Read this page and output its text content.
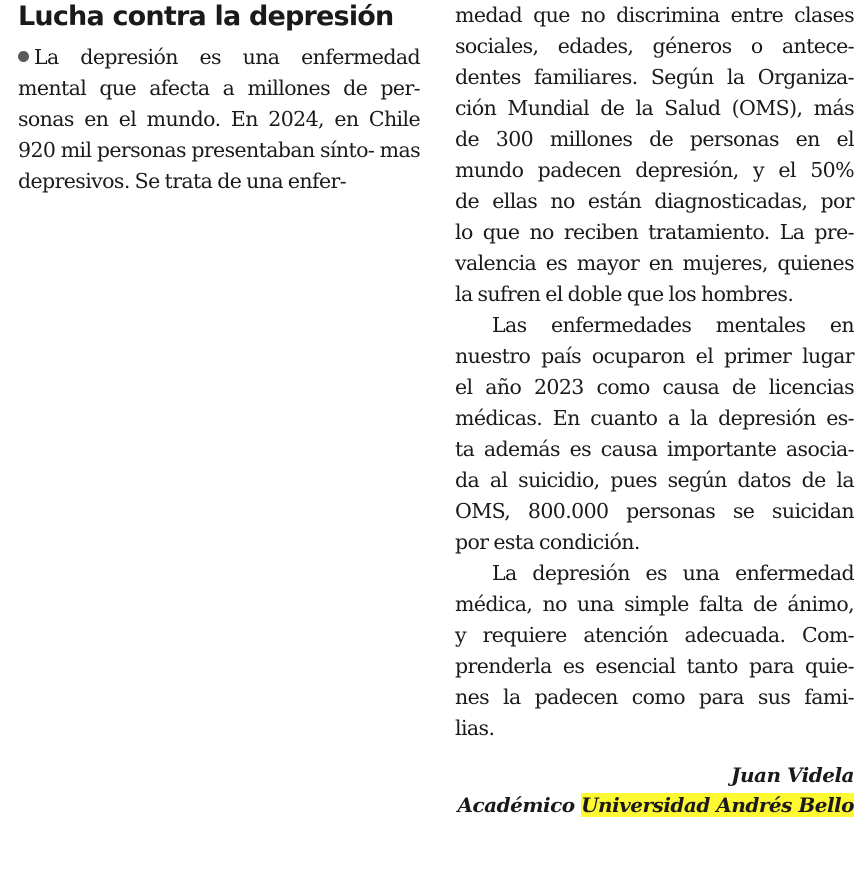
Lucha contra la depresión

La depresión es una enfermedad mental que afecta a millones de per- sonas en el mundo. En 2024, en Chile 920 mil personas presentaban sínto- mas depresivos. Se trata de una enfer-

medad que no discrimina entre clases
sociales, edades, géneros o antece-
dentes familiares. Según la Organiza-
ción Mundial de la Salud (OMS), más
de 300 millones de personas en el
mundo padecen depresión, y el 50%
de ellas no están diagnosticadas, por
lo que no reciben tratamiento. La pre-
valencia es mayor en mujeres, quienes
la sufren el doble que los hombres.
Las enfermedades mentales en
nuestro país ocuparon el primer lugar
el año 2023 como causa de licencias
médicas. En cuanto a la depresión es-
ta además es causa importante asocia-
da al suicidio, pues según datos de la
OMS, 800.000 personas se suicidan
por esta condición.
La depresión es una enfermedad
médica, no una simple falta de ánimo,
y requiere atención adecuada. Com-
prenderla es esencial tanto para quie-
nes la padecen como para sus fami-
lias.
Juan Videla
Académico Universidad Andrés Bello
